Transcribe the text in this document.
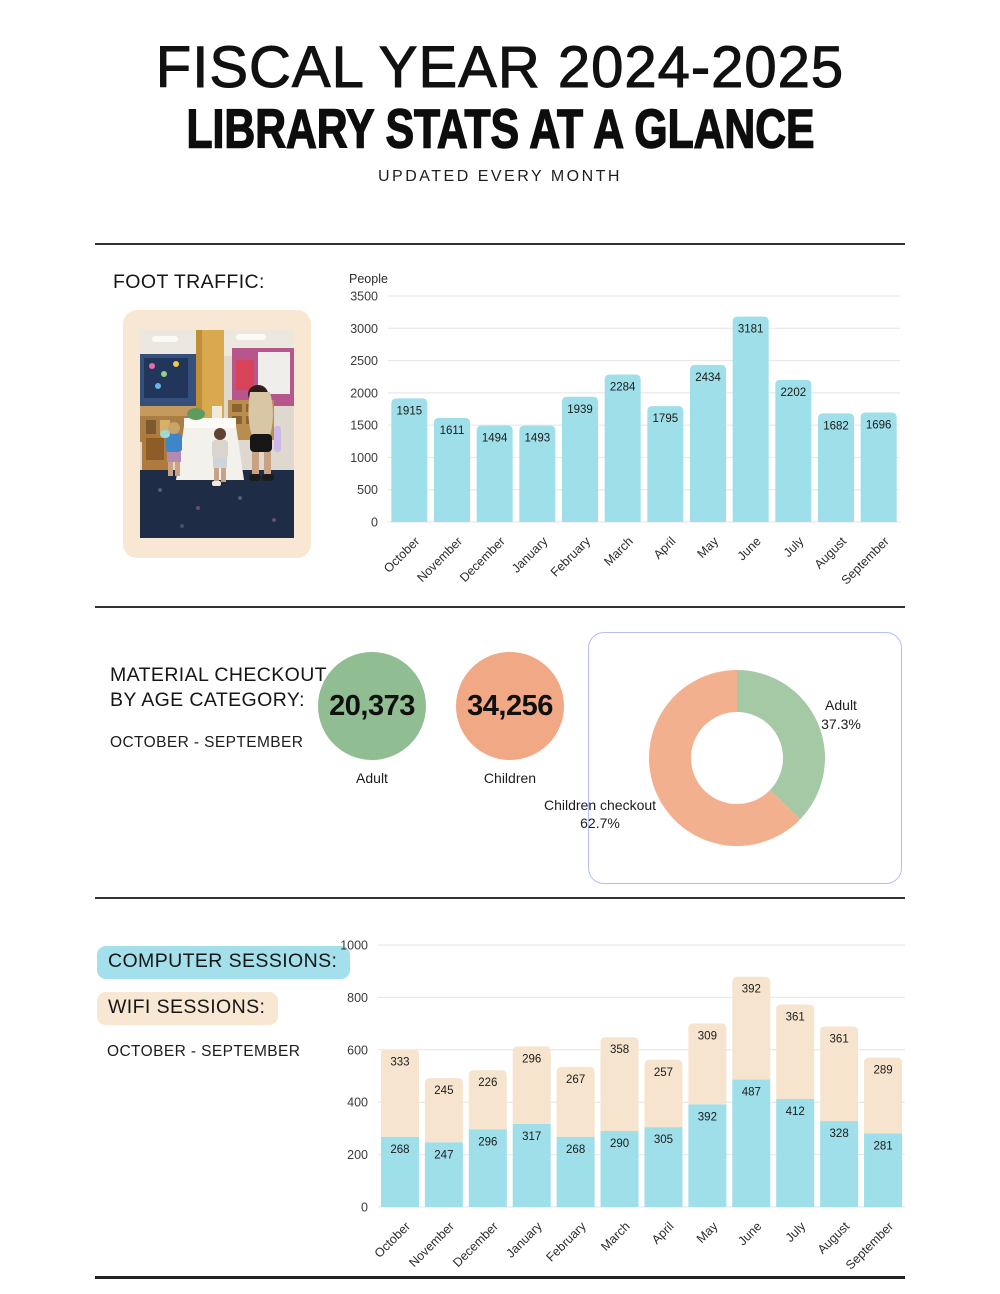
FISCAL YEAR 2024-2025
LIBRARY STATS AT A GLANCE
UPDATED EVERY MONTH
FOOT TRAFFIC:
0
500
1000
1500
2000
2500
3000
3500
People
October
1915
November
1611
December
1494
January
1493
February
1939
March
2284
April
1795
May
2434
June
3181
July
2202
August
1682
September
1696
MATERIAL CHECKOUT
BY AGE CATEGORY:
OCTOBER - SEPTEMBER
20,373
Adult
34,256
Children
Adult
37.3%
Children checkout
62.7%
COMPUTER SESSIONS:
WIFI SESSIONS:
OCTOBER - SEPTEMBER
0
200
400
600
800
1000
October
268
333
November
247
245
December
296
226
January
317
296
February
268
267
March
290
358
April
305
257
May
392
309
June
487
392
July
412
361
August
328
361
September
281
289
